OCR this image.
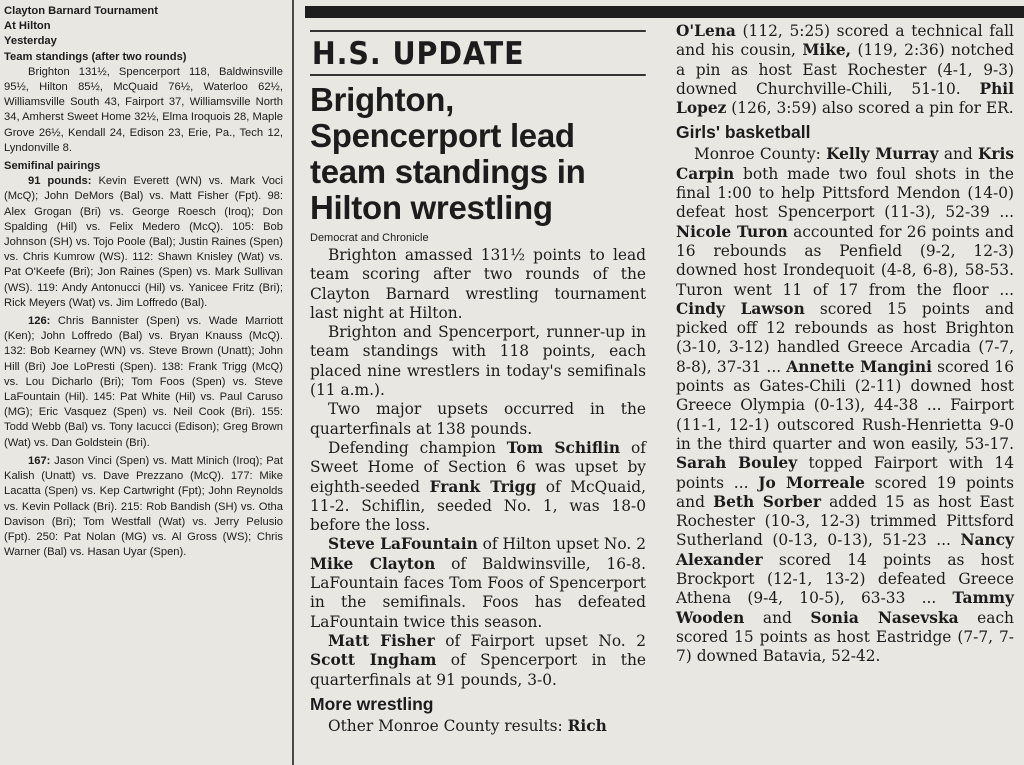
Clayton Barnard Tournament
At Hilton
Yesterday
Team standings (after two rounds)
Brighton 131½, Spencerport 118, Baldwinsville 95½, Hilton 85½, McQuaid 76½, Waterloo 62½, Williamsville South 43, Fairport 37, Williamsville North 34, Amherst Sweet Home 32½, Elma Iroquois 28, Maple Grove 26½, Kendall 24, Edison 23, Erie, Pa., Tech 12, Lyndonville 8.
Semifinal pairings
91 pounds: Kevin Everett (WN) vs. Mark Voci (McQ); John DeMors (Bal) vs. Matt Fisher (Fpt). 98: Alex Grogan (Bri) vs. George Roesch (Iroq); Don Spalding (Hil) vs. Felix Medero (McQ). 105: Bob Johnson (SH) vs. Tojo Poole (Bal); Justin Raines (Spen) vs. Chris Kumrow (WS). 112: Shawn Knisley (Wat) vs. Pat O'Keefe (Bri); Jon Raines (Spen) vs. Mark Sullivan (WS). 119: Andy Antonucci (Hil) vs. Yanicee Fritz (Bri); Rick Meyers (Wat) vs. Jim Loffredo (Bal).
126: Chris Bannister (Spen) vs. Wade Marriott (Ken); John Loffredo (Bal) vs. Bryan Knauss (McQ). 132: Bob Kearney (WN) vs. Steve Brown (Unatt); John Hill (Bri) Joe LoPresti (Spen). 138: Frank Trigg (McQ) vs. Lou Dicharlo (Bri); Tom Foos (Spen) vs. Steve LaFountain (Hil). 145: Pat White (Hil) vs. Paul Caruso (MG); Eric Vasquez (Spen) vs. Neil Cook (Bri). 155: Todd Webb (Bal) vs. Tony Iacucci (Edison); Greg Brown (Wat) vs. Dan Goldstein (Bri).
167: Jason Vinci (Spen) vs. Matt Minich (Iroq); Pat Kalish (Unatt) vs. Dave Prezzano (McQ). 177: Mike Lacatta (Spen) vs. Kep Cartwright (Fpt); John Reynolds vs. Kevin Pollack (Bri). 215: Rob Bandish (SH) vs. Otha Davison (Bri); Tom Westfall (Wat) vs. Jerry Pelusio (Fpt). 250: Pat Nolan (MG) vs. Al Gross (WS); Chris Warner (Bal) vs. Hasan Uyar (Spen).
H.S. UPDATE
Brighton, Spencerport lead team standings in Hilton wrestling
Democrat and Chronicle

Brighton amassed 131½ points to lead team scoring after two rounds of the Clayton Barnard wrestling tournament last night at Hilton.

Brighton and Spencerport, runner-up in team standings with 118 points, each placed nine wrestlers in today's semifinals (11 a.m.).

Two major upsets occurred in the quarterfinals at 138 pounds.

Defending champion Tom Schiflin of Sweet Home of Section 6 was upset by eighth-seeded Frank Trigg of McQuaid, 11-2. Schiflin, seeded No. 1, was 18-0 before the loss.

Steve LaFountain of Hilton upset No. 2 Mike Clayton of Baldwinsville, 16-8. LaFountain faces Tom Foos of Spencerport in the semifinals. Foos has defeated LaFountain twice this season.

Matt Fisher of Fairport upset No. 2 Scott Ingham of Spencerport in the quarterfinals at 91 pounds, 3-0.

More wrestling

Other Monroe County results: Rich

O'Lena (112, 5:25) scored a technical fall and his cousin, Mike, (119, 2:36) notched a pin as host East Rochester (4-1, 9-3) downed Churchville-Chili, 51-10. Phil Lopez (126, 3:59) also scored a pin for ER.

Girls' basketball

Monroe County: Kelly Murray and Kris Carpin both made two foul shots in the final 1:00 to help Pittsford Mendon (14-0) defeat host Spencerport (11-3), 52-39 ... Nicole Turon accounted for 26 points and 16 rebounds as Penfield (9-2, 12-3) downed host Irondequoit (4-8, 6-8), 58-53. Turon went 11 of 17 from the floor ... Cindy Lawson scored 15 points and picked off 12 rebounds as host Brighton (3-10, 3-12) handled Greece Arcadia (7-7, 8-8), 37-31 ... Annette Mangini scored 16 points as Gates-Chili (2-11) downed host Greece Olympia (0-13), 44-38 ... Fairport (11-1, 12-1) outscored Rush-Henrietta 9-0 in the third quarter and won easily, 53-17. Sarah Bouley topped Fairport with 14 points ... Jo Morreale scored 19 points and Beth Sorber added 15 as host East Rochester (10-3, 12-3) trimmed Pittsford Sutherland (0-13, 0-13), 51-23 ... Nancy Alexander scored 14 points as host Brockport (12-1, 13-2) defeated Greece Athena (9-4, 10-5), 63-33 ... Tammy Wooden and Sonia Nasevska each scored 15 points as host Eastridge (7-7, 7-7) downed Batavia, 52-42.
